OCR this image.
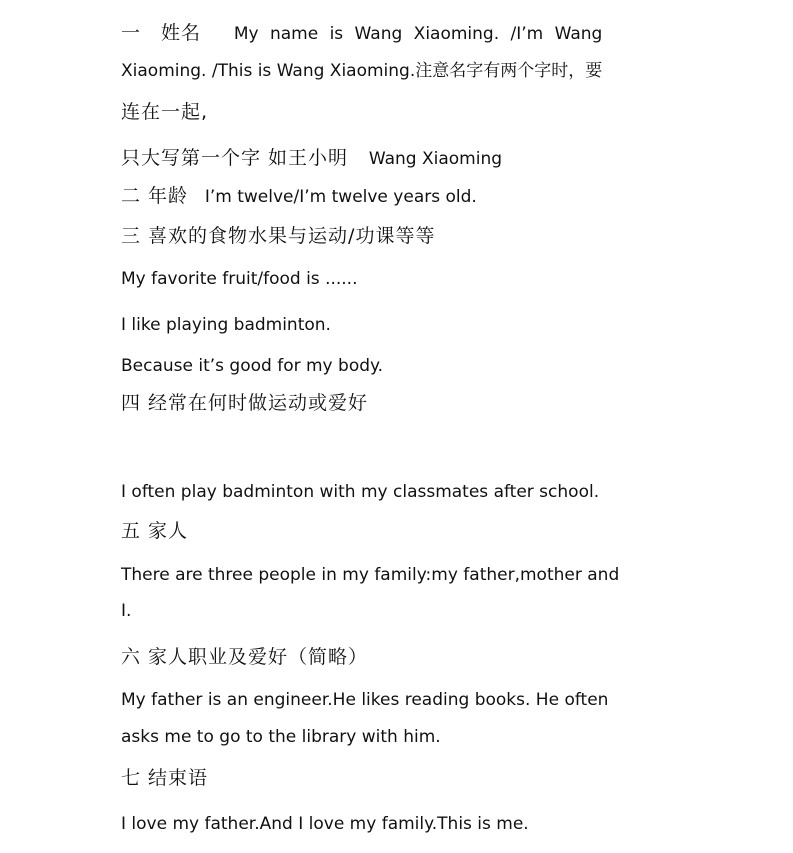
一　姓名 My name is Wang Xiaoming. /I’m Wang
Xiaoming. /This is Wang Xiaoming.注意名字有两个字时，要
连在一起,
只大写第一个字 如王小明 Wang Xiaoming
二 年龄 I’m twelve/I’m twelve years old.
三 喜欢的食物水果与运动/功课等等
My favorite fruit/food is ......
I like playing badminton.
Because it’s good for my body.
四 经常在何时做运动或爱好
I often play badminton with my classmates after school.
五 家人
There are three people in my family:my father,mother and
I.
六 家人职业及爱好（简略）
My father is an engineer.He likes reading books. He often
asks me to go to the library with him.
七 结束语
I love my father.And I love my family.This is me.
